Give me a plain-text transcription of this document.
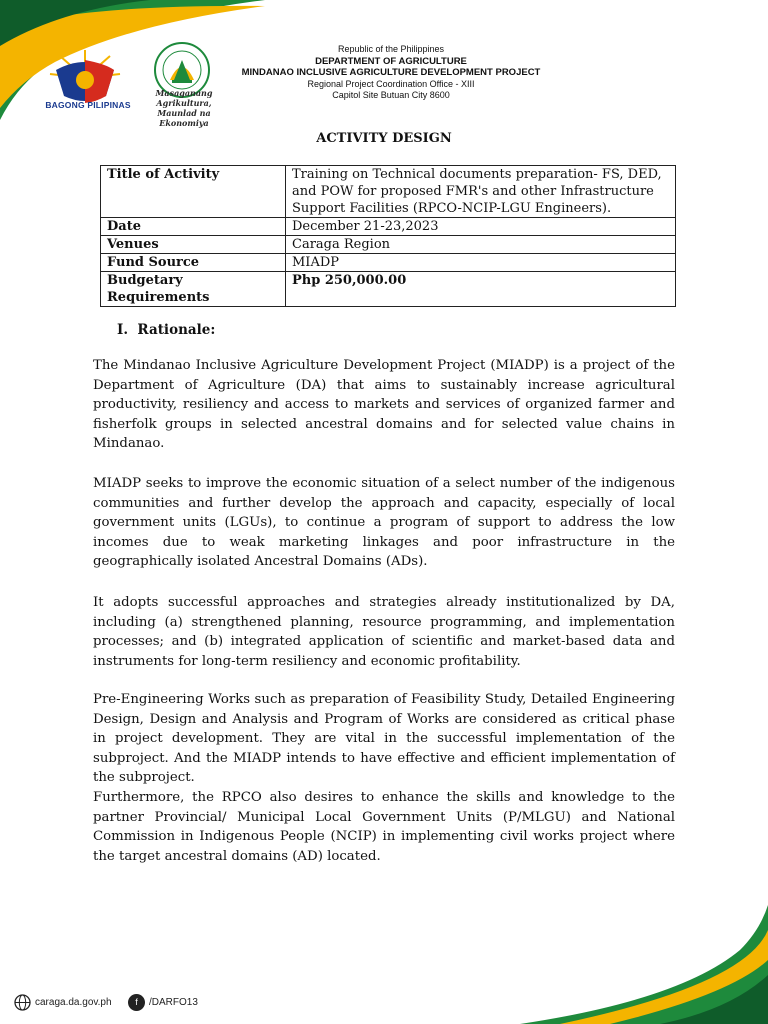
BAGONG PILIPINAS
Masaganang Agrikultura,
Maunlad na Ekonomiya
Republic of the Philippines
DEPARTMENT OF AGRICULTURE
MINDANAO INCLUSIVE AGRICULTURE DEVELOPMENT PROJECT
Regional Project Coordination Office - XIII
Capitol Site Butuan City 8600
ACTIVITY DESIGN
Title of Activity	Training on Technical documents preparation- FS, DED,
and POW for proposed FMR's and other Infrastructure
Support Facilities (RPCO-NCIP-LGU Engineers).

Date	December 21-23,2023
Venues	Caraga Region
Fund Source	MIADP

Budgetary
Requirements	Php 250,000.00
I. Rationale:

The Mindanao Inclusive Agriculture Development Project (MIADP) is a project of the Department of Agriculture (DA) that aims to sustainably increase agricultural productivity, resiliency and access to markets and services of organized farmer and fisherfolk groups in selected ancestral domains and for selected value chains in Mindanao.

MIADP seeks to improve the economic situation of a select number of the indigenous communities and further develop the approach and capacity, especially of local government units (LGUs), to continue a program of support to address the low incomes due to weak marketing linkages and poor infrastructure in the geographically isolated Ancestral Domains (ADs).

It adopts successful approaches and strategies already institutionalized by DA, including (a) strengthened planning, resource programming, and implementation processes; and (b) integrated application of scientific and market-based data and instruments for long-term resiliency and economic profitability.

Pre-Engineering Works such as preparation of Feasibility Study, Detailed Engineering Design, Design and Analysis and Program of Works are considered as critical phase in project development. They are vital in the successful implementation of the subproject. And the MIADP intends to have effective and efficient implementation of the subproject.

Furthermore, the RPCO also desires to enhance the skills and knowledge to the partner Provincial/ Municipal Local Government Units (P/MLGU) and National Commission in Indigenous People (NCIP) in implementing civil works project where the target ancestral domains (AD) located.

caraga.da.gov.ph	f	/DARFO13
